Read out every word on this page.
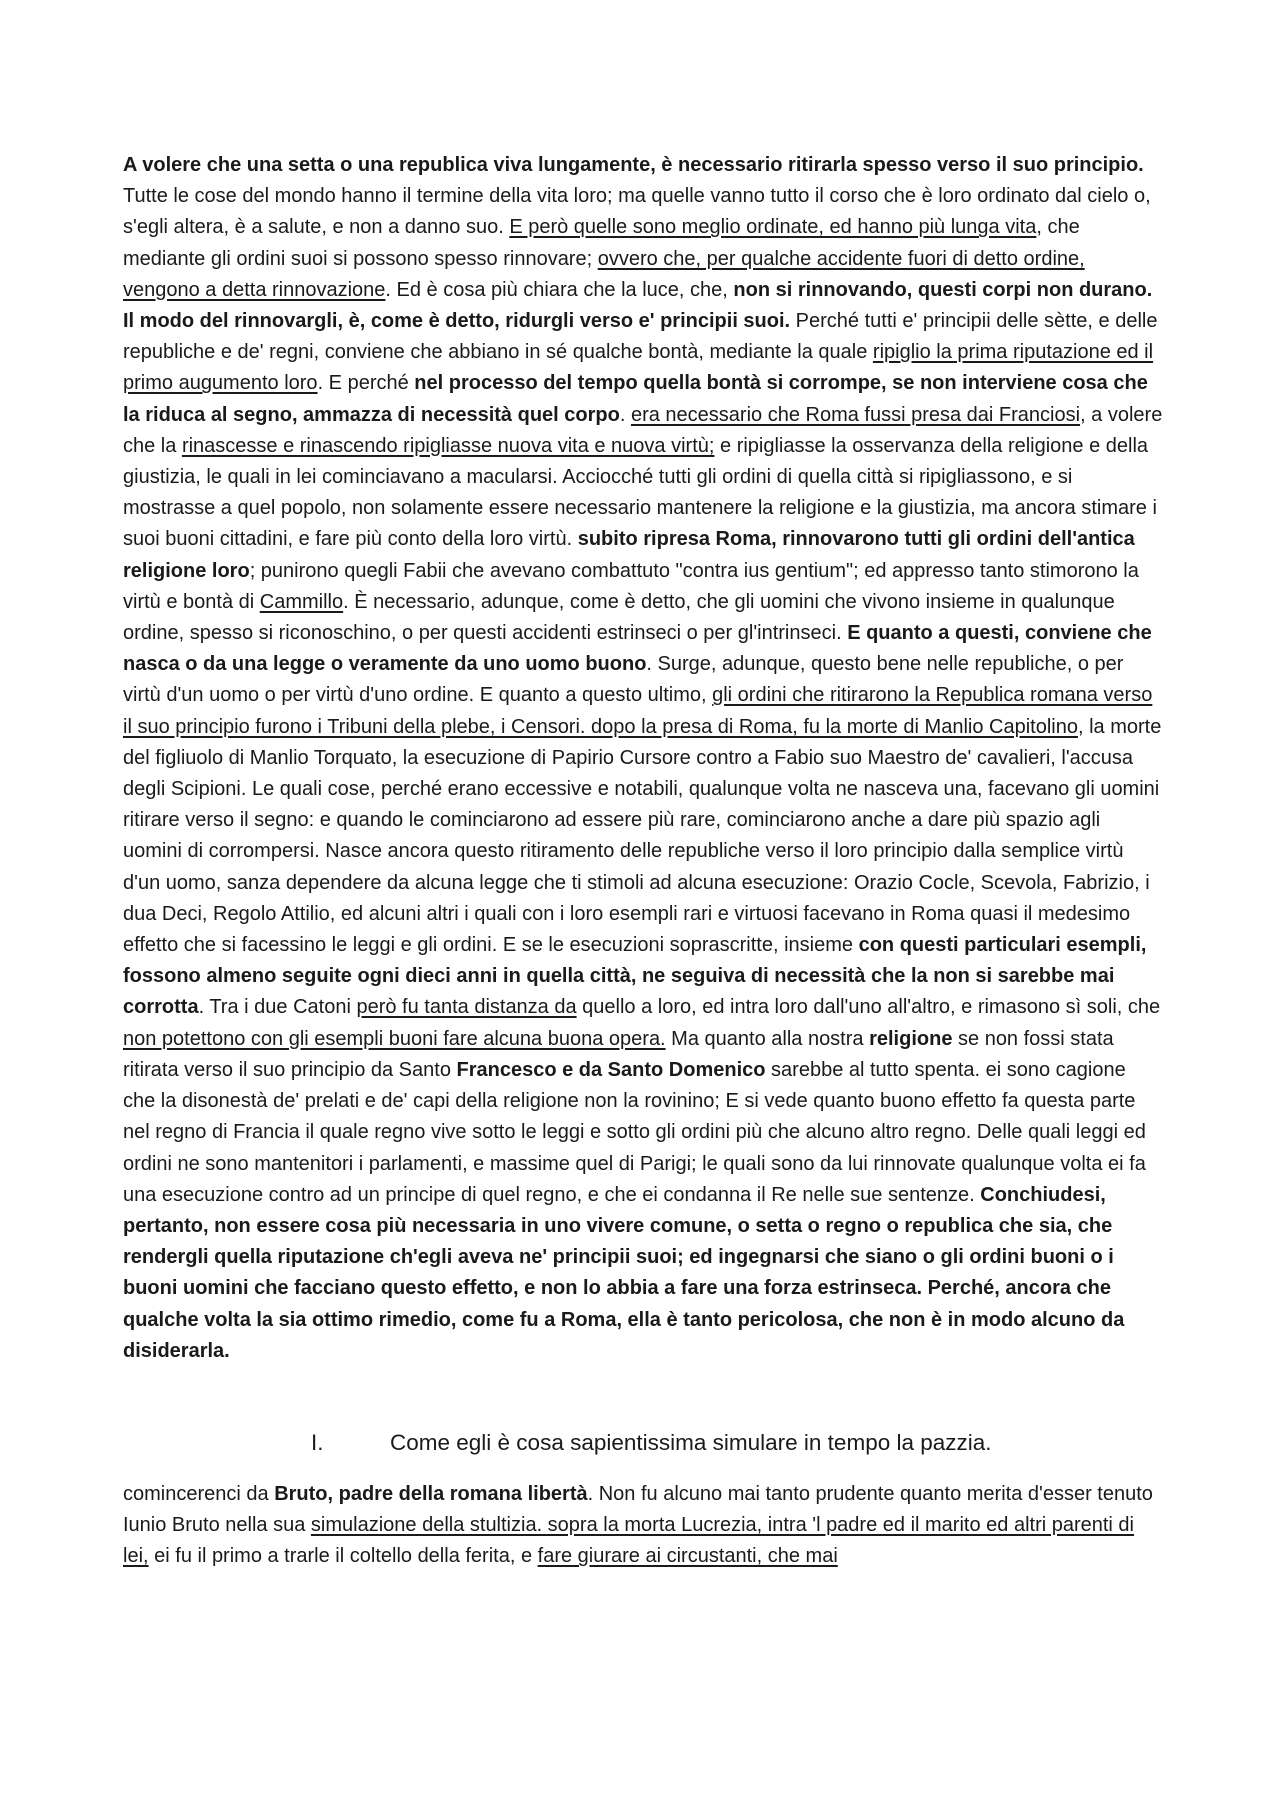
A volere che una setta o una republica viva lungamente, è necessario ritirarla spesso verso il suo principio.
Tutte le cose del mondo hanno il termine della vita loro; ma quelle vanno tutto il corso che è loro ordinato dal cielo o, s'egli altera, è a salute, e non a danno suo. E però quelle sono meglio ordinate, ed hanno più lunga vita, che mediante gli ordini suoi si possono spesso rinnovare; ovvero che, per qualche accidente fuori di detto ordine, vengono a detta rinnovazione. Ed è cosa più chiara che la luce, che, non si rinnovando, questi corpi non durano. Il modo del rinnovargli, è, come è detto, ridurgli verso e' principii suoi. Perché tutti e' principii delle sètte, e delle republiche e de' regni, conviene che abbiano in sé qualche bontà, mediante la quale ripiglio la prima riputazione ed il primo augumento loro. E perché nel processo del tempo quella bontà si corrompe, se non interviene cosa che la riduca al segno, ammazza di necessità quel corpo. era necessario che Roma fussi presa dai Franciosi, a volere che la rinascesse e rinascendo ripigliasse nuova vita e nuova virtù; e ripigliasse la osservanza della religione e della giustizia, le quali in lei cominciavano a macularsi. Acciocché tutti gli ordini di quella città si ripigliassono, e si mostrasse a quel popolo, non solamente essere necessario mantenere la religione e la giustizia, ma ancora stimare i suoi buoni cittadini, e fare più conto della loro virtù. subito ripresa Roma, rinnovarono tutti gli ordini dell'antica religione loro; punirono quegli Fabii che avevano combattuto "contra ius gentium"; ed appresso tanto stimorono la virtù e bontà di Cammillo. È necessario, adunque, come è detto, che gli uomini che vivono insieme in qualunque ordine, spesso si riconoschino, o per questi accidenti estrinseci o per gl'intrinseci. E quanto a questi, conviene che nasca o da una legge o veramente da uno uomo buono. Surge, adunque, questo bene nelle republiche, o per virtù d'un uomo o per virtù d'uno ordine. E quanto a questo ultimo, gli ordini che ritirarono la Republica romana verso il suo principio furono i Tribuni della plebe, i Censori. dopo la presa di Roma, fu la morte di Manlio Capitolino, la morte del figliuolo di Manlio Torquato, la esecuzione di Papirio Cursore contro a Fabio suo Maestro de' cavalieri, l'accusa degli Scipioni. Le quali cose, perché erano eccessive e notabili, qualunque volta ne nasceva una, facevano gli uomini ritirare verso il segno: e quando le cominciarono ad essere più rare, cominciarono anche a dare più spazio agli uomini di corrompersi. Nasce ancora questo ritiramento delle republiche verso il loro principio dalla semplice virtù d'un uomo, sanza dependere da alcuna legge che ti stimoli ad alcuna esecuzione: Orazio Cocle, Scevola, Fabrizio, i dua Deci, Regolo Attilio, ed alcuni altri i quali con i loro esempli rari e virtuosi facevano in Roma quasi il medesimo effetto che si facessino le leggi e gli ordini. E se le esecuzioni soprascritte, insieme con questi particulari esempli, fossono almeno seguite ogni dieci anni in quella città, ne seguiva di necessità che la non si sarebbe mai corrotta. Tra i due Catoni però fu tanta distanza da quello a loro, ed intra loro dall'uno all'altro, e rimasono sì soli, che non potettono con gli esempli buoni fare alcuna buona opera. Ma quanto alla nostra religione se non fossi stata ritirata verso il suo principio da Santo Francesco e da Santo Domenico sarebbe al tutto spenta. ei sono cagione che la disonestà de' prelati e de' capi della religione non la rovinino; E si vede quanto buono effetto fa questa parte nel regno di Francia il quale regno vive sotto le leggi e sotto gli ordini più che alcuno altro regno. Delle quali leggi ed ordini ne sono mantenitori i parlamenti, e massime quel di Parigi; le quali sono da lui rinnovate qualunque volta ei fa una esecuzione contro ad un principe di quel regno, e che ei condanna il Re nelle sue sentenze. Conchiudesi, pertanto, non essere cosa più necessaria in uno vivere comune, o setta o regno o republica che sia, che rendergli quella riputazione ch'egli aveva ne' principii suoi; ed ingegnarsi che siano o gli ordini buoni o i buoni uomini che facciano questo effetto, e non lo abbia a fare una forza estrinseca. Perché, ancora che qualche volta la sia ottimo rimedio, come fu a Roma, ella è tanto pericolosa, che non è in modo alcuno da disiderarla.

I.	Come egli è cosa sapientissima simulare in tempo la pazzia.

comincerenci da Bruto, padre della romana libertà. Non fu alcuno mai tanto prudente quanto merita d'esser tenuto Iunio Bruto nella sua simulazione della stultizia. sopra la morta Lucrezia, intra 'l padre ed il marito ed altri parenti di lei, ei fu il primo a trarle il coltello della ferita, e fare giurare ai circustanti, che mai
